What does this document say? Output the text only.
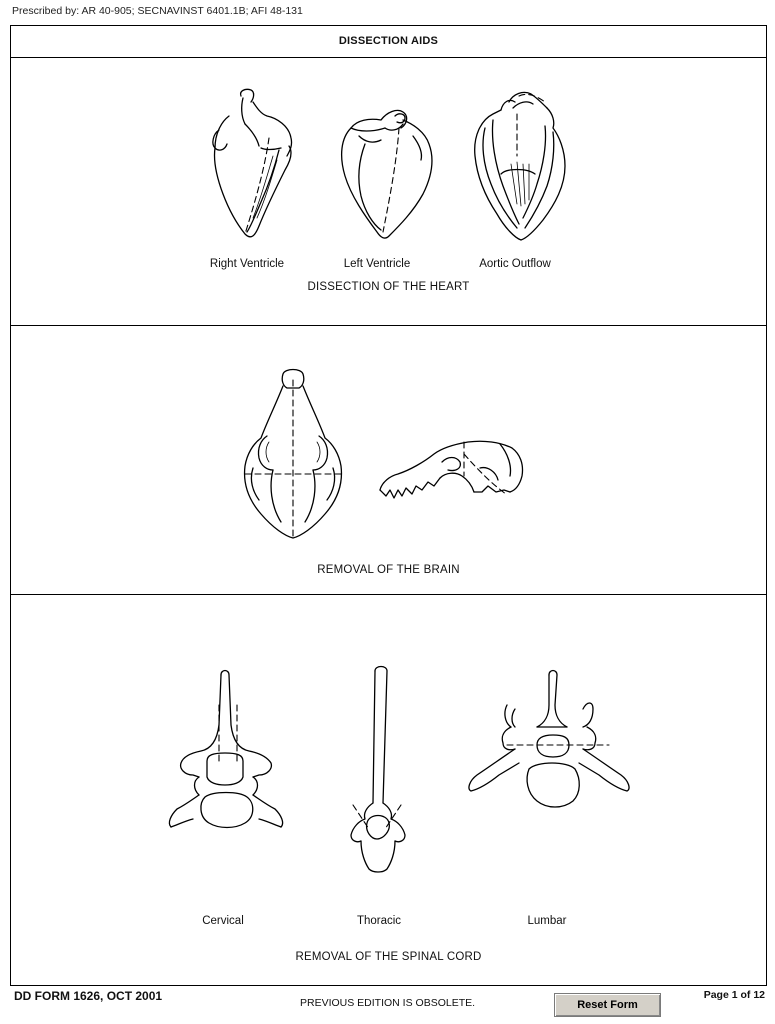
Prescribed by: AR 40-905; SECNAVINST 6401.1B; AFI 48-131
DISSECTION AIDS
Right Ventricle	Left Ventricle	Aortic Outflow
DISSECTION OF THE HEART
REMOVAL OF THE BRAIN
Cervical	Thoracic	Lumbar
REMOVAL OF THE SPINAL CORD
DD FORM 1626, OCT 2001	PREVIOUS EDITION IS OBSOLETE.	Reset Form
Page 1 of 12
